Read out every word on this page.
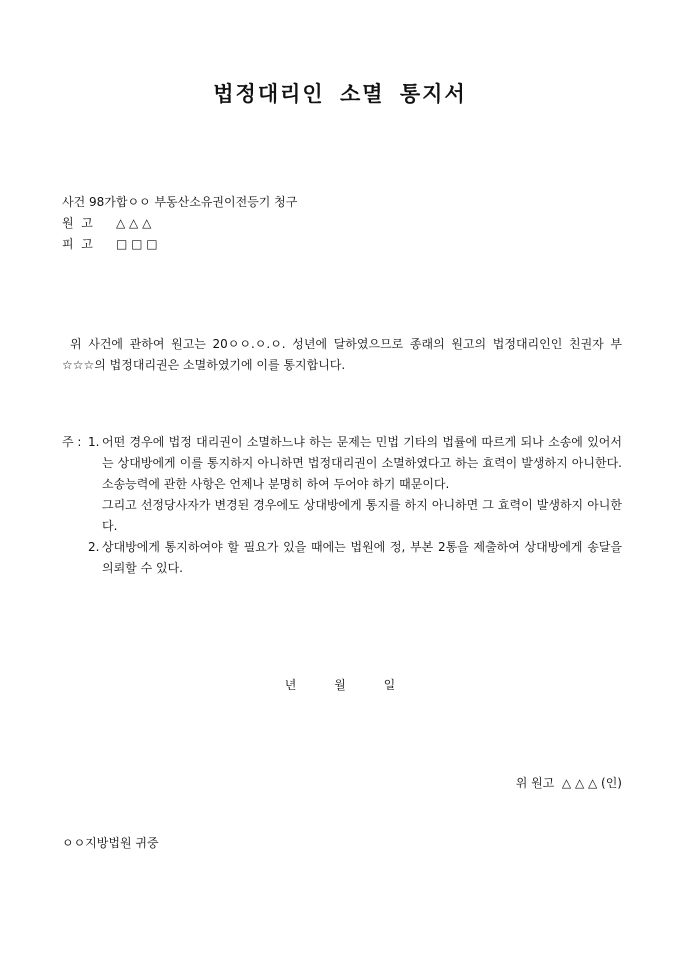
법정대리인 소멸 통지서
사건 98가합ㅇㅇ 부동산소유권이전등기 청구
원  고 △ △ △
피  고 □ □ □
위 사건에 관하여 원고는 20ㅇㅇ.ㅇ.ㅇ. 성년에 달하였으므로 종래의 원고의 법정대리인인 친권자 부 ☆☆☆의 법정대리권은 소멸하였기에 이를 통지합니다.
주 : 1. 어떤 경우에 법정 대리권이 소멸하느냐 하는 문제는 민법 기타의 법률에 따르게 되나 소송에 있어서는 상대방에게 이를 통지하지 아니하면 법정대리권이 소멸하였다고 하는 효력이 발생하지 아니한다. 소송능력에 관한 사항은 언제나 분명히 하여 두어야 하기 때문이다.
그리고 선정당사자가 변경된 경우에도 상대방에게 통지를 하지 아니하면 그 효력이 발생하지 아니한다.
2. 상대방에게 통지하여야 할 필요가 있을 때에는 법원에 정, 부본 2통을 제출하여 상대방에게 송달을 의뢰할 수 있다.
년	월	일
위 원고  △ △ △ (인)
ㅇㅇ지방법원 귀중
